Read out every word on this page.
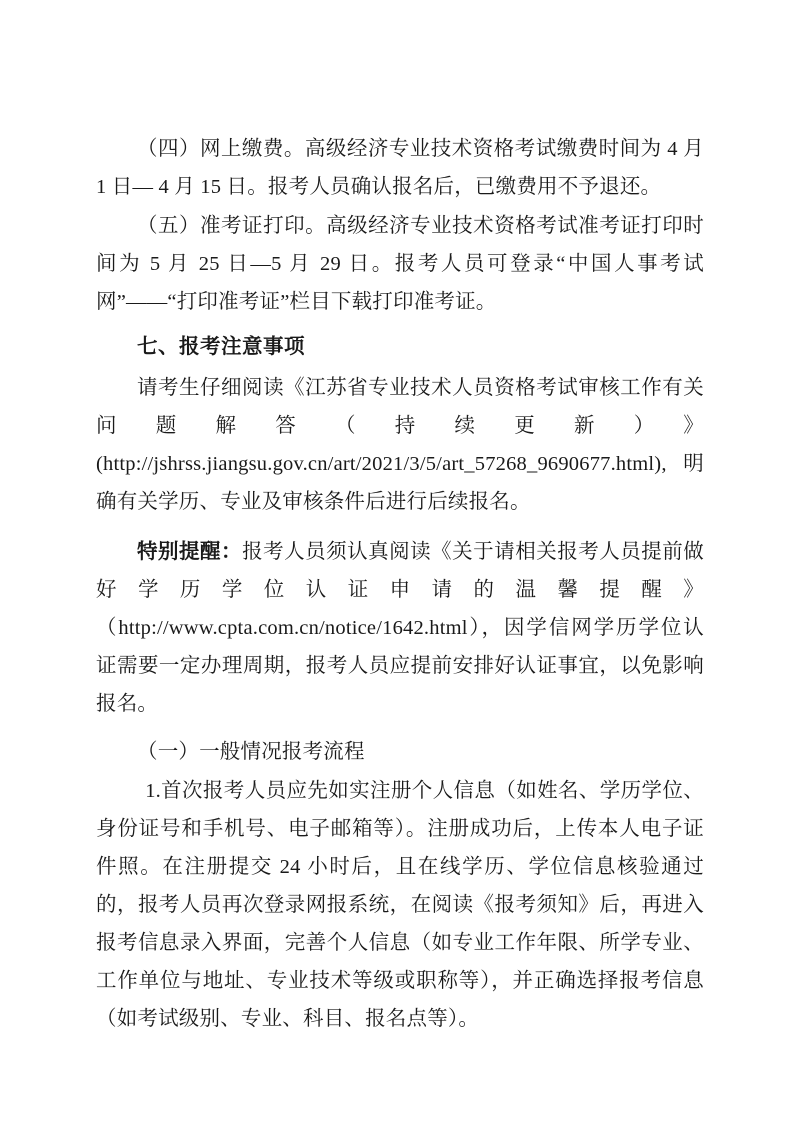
（四）网上缴费。高级经济专业技术资格考试缴费时间为 4 月 1 日— 4 月 15 日。报考人员确认报名后，已缴费用不予退还。

（五）准考证打印。高级经济专业技术资格考试准考证打印时间为 5 月 25 日—5 月 29 日。报考人员可登录“中国人事考试网”——“打印准考证”栏目下载打印准考证。

七、报考注意事项

请考生仔细阅读《江苏省专业技术人员资格考试审核工作有关问题解答（持续更新）》(http://jshrss.jiangsu.gov.cn/art/2021/3/5/art_57268_9690677.html),明确有关学历、专业及审核条件后进行后续报名。

特别提醒：报考人员须认真阅读《关于请相关报考人员提前做好学历学位认证申请的温馨提醒》（http://www.cpta.com.cn/notice/1642.html），因学信网学历学位认证需要一定办理周期，报考人员应提前安排好认证事宜，以免影响报名。

（一）一般情况报考流程

1.首次报考人员应先如实注册个人信息（如姓名、学历学位、身份证号和手机号、电子邮箱等）。注册成功后，上传本人电子证件照。在注册提交 24 小时后，且在线学历、学位信息核验通过的，报考人员再次登录网报系统，在阅读《报考须知》后，再进入报考信息录入界面，完善个人信息（如专业工作年限、所学专业、工作单位与地址、专业技术等级或职称等），并正确选择报考信息（如考试级别、专业、科目、报名点等）。
